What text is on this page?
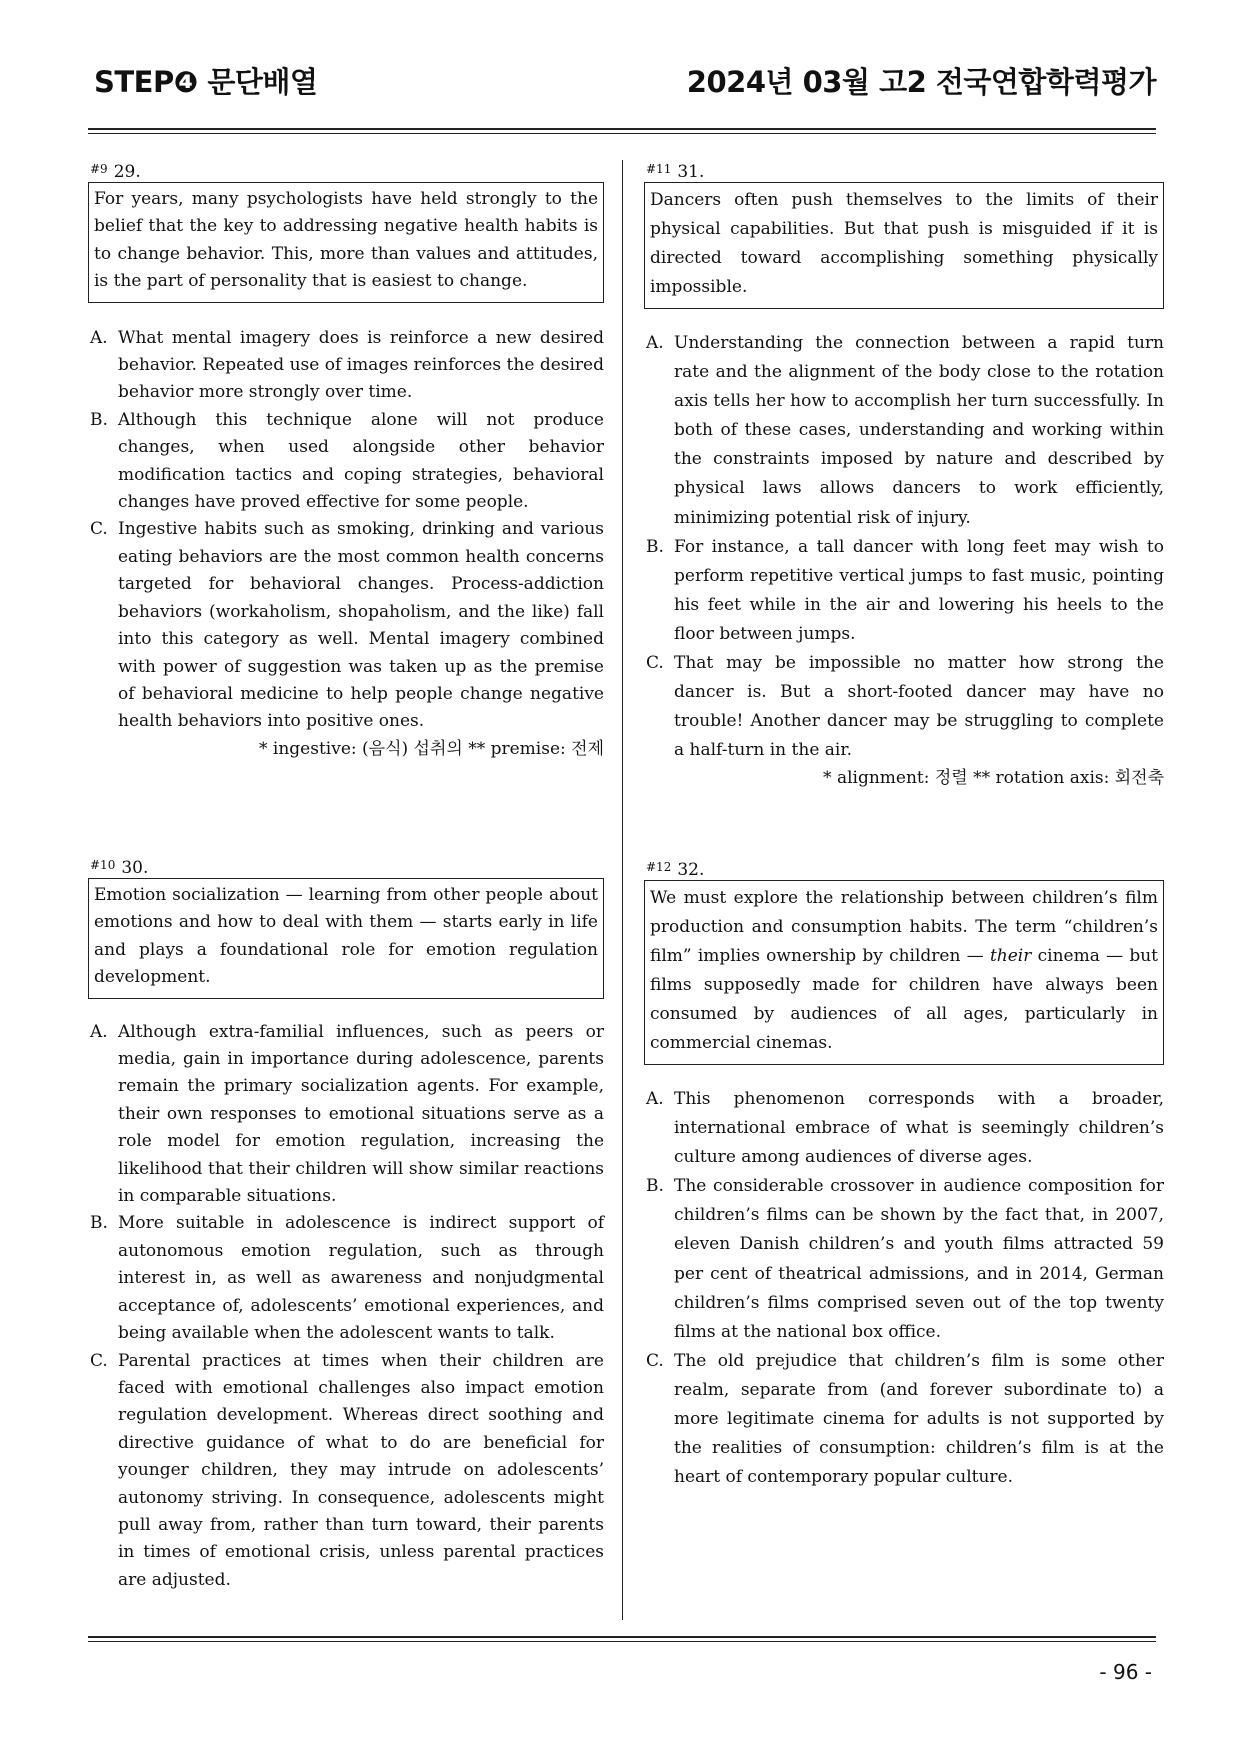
STEP❹ 문단배열	2024년 03월 고2 전국연합학력평가
$^{\#9}$ 29.
For years, many psychologists have held strongly to the belief that the key to addressing negative health habits is to change behavior. This, more than values and attitudes, is the part of personality that is easiest to change.
A. What mental imagery does is reinforce a new desired behavior. Repeated use of images reinforces the desired behavior more strongly over time.
B. Although this technique alone will not produce changes, when used alongside other behavior modification tactics and coping strategies, behavioral changes have proved effective for some people.
C. Ingestive habits such as smoking, drinking and various eating behaviors are the most common health concerns targeted for behavioral changes. Process-addiction behaviors (workaholism, shopaholism, and the like) fall into this category as well. Mental imagery combined with power of suggestion was taken up as the premise of behavioral medicine to help people change negative health behaviors into positive ones.
* ingestive: (음식) 섭취의 ** premise: 전제
$^{\#10}$ 30.
Emotion socialization — learning from other people about emotions and how to deal with them — starts early in life and plays a foundational role for emotion regulation development.
A. Although extra-familial influences, such as peers or media, gain in importance during adolescence, parents remain the primary socialization agents. For example, their own responses to emotional situations serve as a role model for emotion regulation, increasing the likelihood that their children will show similar reactions in comparable situations.
B. More suitable in adolescence is indirect support of autonomous emotion regulation, such as through interest in, as well as awareness and nonjudgmental acceptance of, adolescents’ emotional experiences, and being available when the adolescent wants to talk.
C. Parental practices at times when their children are faced with emotional challenges also impact emotion regulation development. Whereas direct soothing and directive guidance of what to do are beneficial for younger children, they may intrude on adolescents’ autonomy striving. In consequence, adolescents might pull away from, rather than turn toward, their parents in times of emotional crisis, unless parental practices are adjusted.
$^{\#11}$ 31.
Dancers often push themselves to the limits of their physical capabilities. But that push is misguided if it is directed toward accomplishing something physically impossible.
A. Understanding the connection between a rapid turn rate and the alignment of the body close to the rotation axis tells her how to accomplish her turn successfully. In both of these cases, understanding and working within the constraints imposed by nature and described by physical laws allows dancers to work efficiently, minimizing potential risk of injury.
B. For instance, a tall dancer with long feet may wish to perform repetitive vertical jumps to fast music, pointing his feet while in the air and lowering his heels to the floor between jumps.
C. That may be impossible no matter how strong the dancer is. But a short-footed dancer may have no trouble! Another dancer may be struggling to complete a half-turn in the air.
* alignment: 정렬 ** rotation axis: 회전축
$^{\#12}$ 32.
We must explore the relationship between children’s film production and consumption habits. The term “children’s film” implies ownership by children — their cinema — but films supposedly made for children have always been consumed by audiences of all ages, particularly in commercial cinemas.
A. This phenomenon corresponds with a broader, international embrace of what is seemingly children’s culture among audiences of diverse ages.
B. The considerable crossover in audience composition for children’s films can be shown by the fact that, in 2007, eleven Danish children’s and youth films attracted 59 per cent of theatrical admissions, and in 2014, German children’s films comprised seven out of the top twenty films at the national box office.
C. The old prejudice that children’s film is some other realm, separate from (and forever subordinate to) a more legitimate cinema for adults is not supported by the realities of consumption: children’s film is at the heart of contemporary popular culture.
- 96 -
